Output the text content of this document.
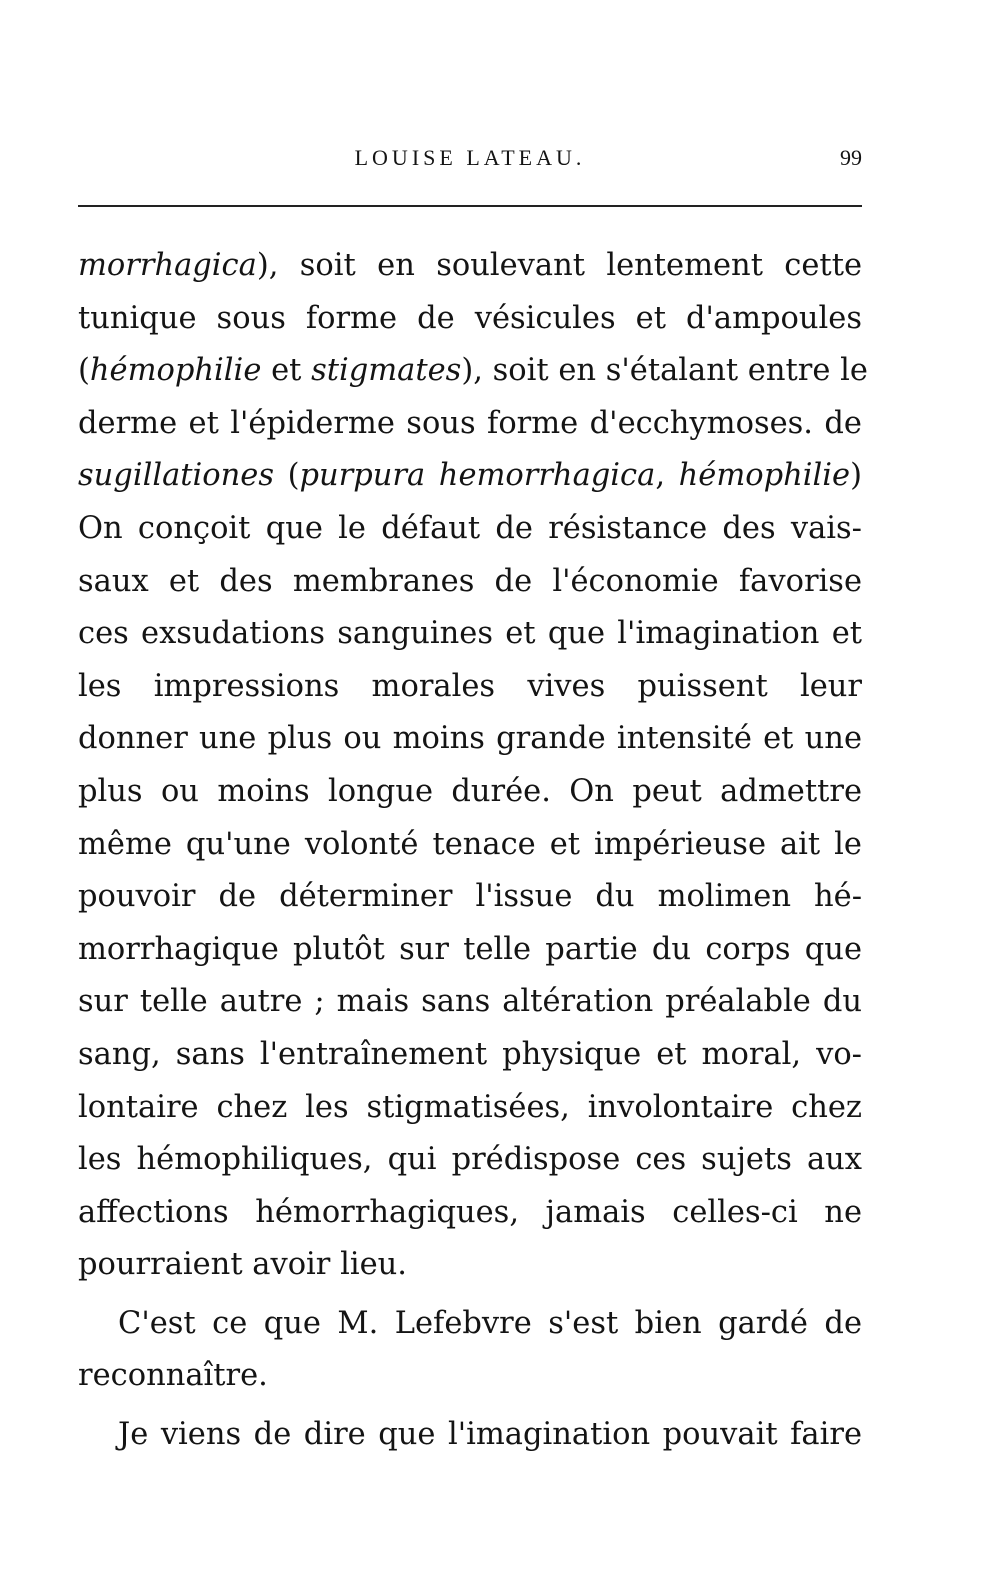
LOUISE LATEAU.	99
morrhagica), soit en soulevant lentement cette
tunique sous forme de vésicules et d'ampoules
(hémophilie et stigmates), soit en s'étalant entre le
derme et l'épiderme sous forme d'ecchymoses. de
sugillationes (purpura hemorrhagica, hémophilie)
On conçoit que le défaut de résistance des vais-
saux et des membranes de l'économie favorise
ces exsudations sanguines et que l'imagination et
les impressions morales vives puissent leur
donner une plus ou moins grande intensité et une
plus ou moins longue durée. On peut admettre
même qu'une volonté tenace et impérieuse ait le
pouvoir de déterminer l'issue du molimen hé-
morrhagique plutôt sur telle partie du corps que
sur telle autre ; mais sans altération préalable du
sang, sans l'entraînement physique et moral, vo-
lontaire chez les stigmatisées, involontaire chez
les hémophiliques, qui prédispose ces sujets aux
affections hémorrhagiques, jamais celles-ci ne
pourraient avoir lieu.
C'est ce que M. Lefebvre s'est bien gardé de
reconnaître.
Je viens de dire que l'imagination pouvait faire
